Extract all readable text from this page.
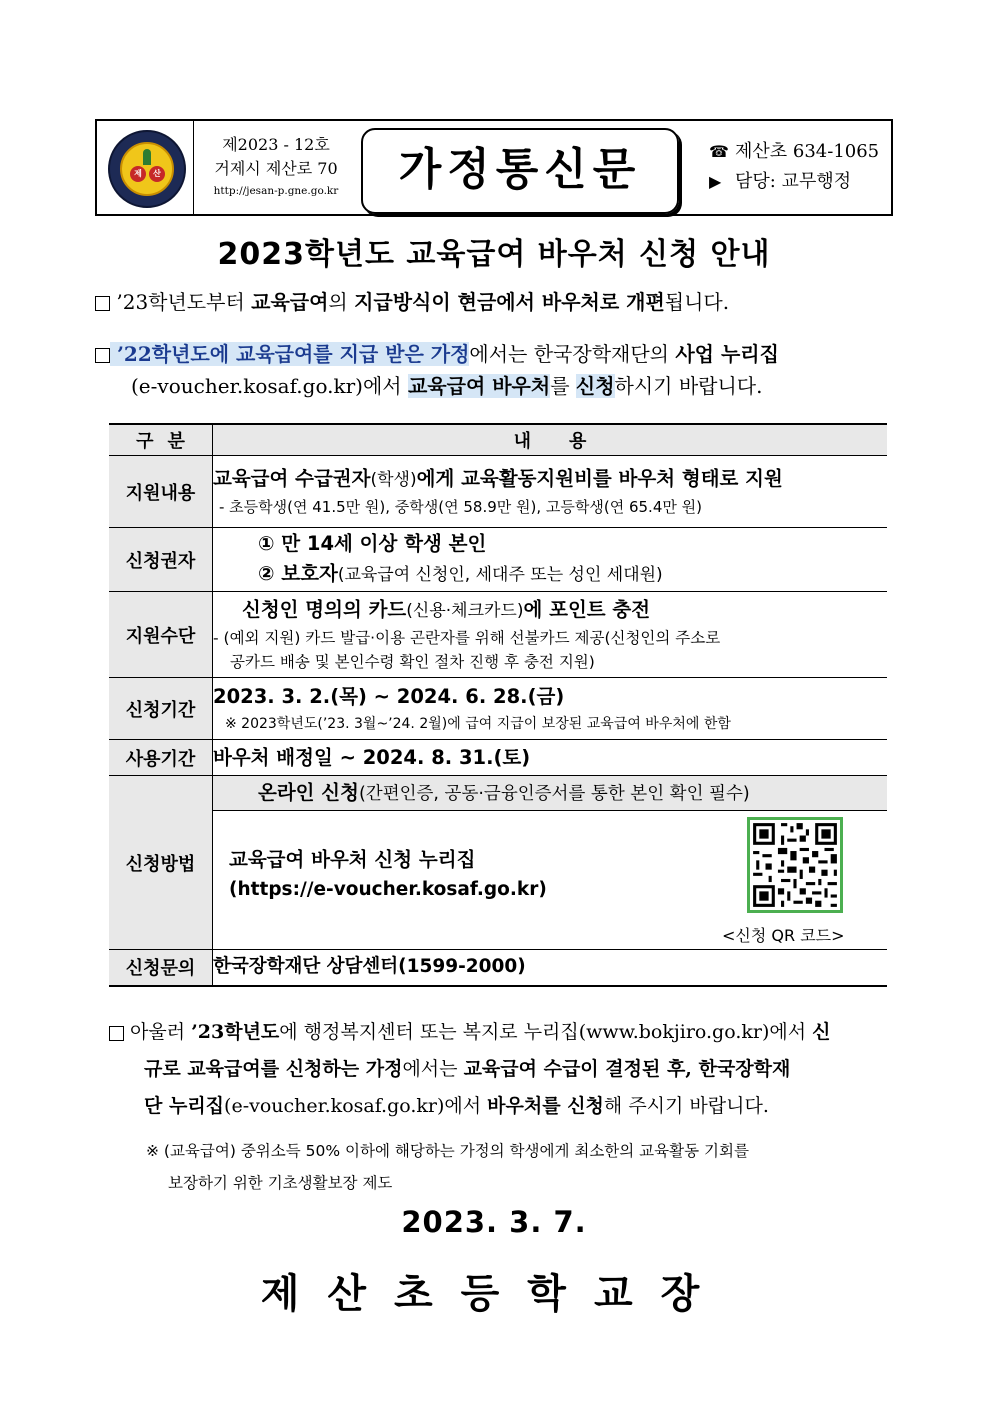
제	산
제2023 - 12호
거제시 제산로 70
http://jesan-p.gne.go.kr	가정통신문	☎ 제산초 634-1065
▶ 담당: 교무행정
2023학년도 교육급여 바우처 신청 안내
’23학년도부터 교육급여의 지급방식이 현금에서 바우처로 개편됩니다.
’22학년도에 교육급여를 지급 받은 가정에서는 한국장학재단의 사업 누리집
(e-voucher.kosaf.go.kr)에서 교육급여 바우처를 신청하시기 바랍니다.
구분	내용
지원내용	교육급여 수급권자(학생)에게 교육활동지원비를 바우처 형태로 지원
- 초등학생(연 41.5만 원), 중학생(연 58.9만 원), 고등학생(연 65.4만 원)

신청권자	① 만 14세 이상 학생 본인
② 보호자(교육급여 신청인, 세대주 또는 성인 세대원)

지원수단	신청인 명의의 카드(신용·체크카드)에 포인트 충전
- (예외 지원) 카드 발급·이용 곤란자를 위해 선불카드 제공(신청인의 주소로
공카드 배송 및 본인수령 확인 절차 진행 후 충전 지원)

신청기간	2023. 3. 2.(목) ~ 2024. 6. 28.(금)
※ 2023학년도(’23. 3월~’24. 2월)에 급여 지급이 보장된 교육급여 바우처에 한함

사용기간	바우처 배정일 ~ 2024. 8. 31.(토)

신청방법	온라인 신청(간편인증, 공동·금융인증서를 통한 본인 확인 필수)
교육급여 바우처 신청 누리집
(https://e-voucher.kosaf.go.kr)
<신청 QR 코드>

신청문의	한국장학재단 상담센터(1599-2000)
아울러 ’23학년도에 행정복지센터 또는 복지로 누리집(www.bokjiro.go.kr)에서 신
규로 교육급여를 신청하는 가정에서는 교육급여 수급이 결정된 후, 한국장학재
단 누리집(e-voucher.kosaf.go.kr)에서 바우처를 신청해 주시기 바랍니다.
※ (교육급여) 중위소득 50% 이하에 해당하는 가정의 학생에게 최소한의 교육활동 기회를
보장하기 위한 기초생활보장 제도
2023. 3. 7.
제산초등학교장
